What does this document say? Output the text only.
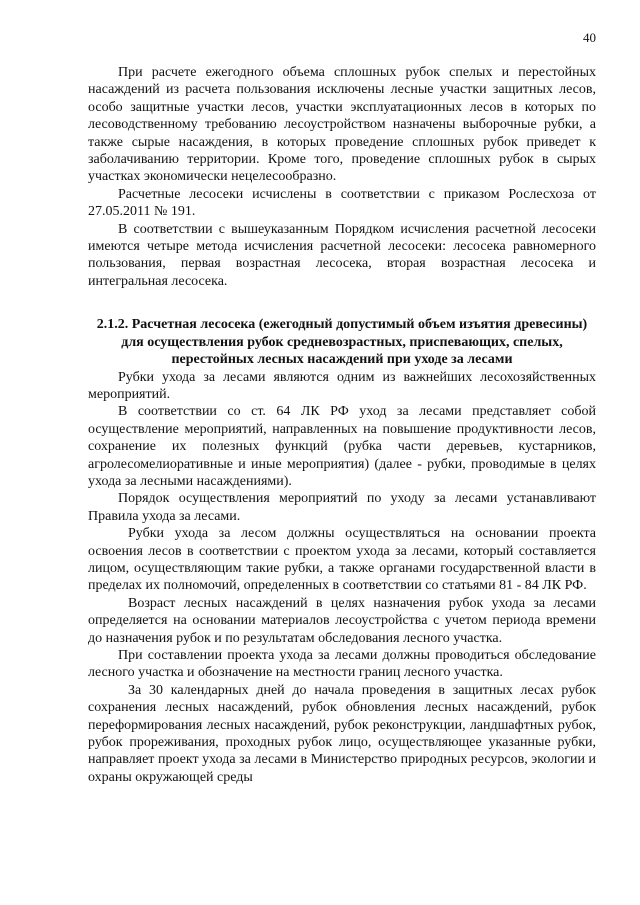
40

При расчете ежегодного объема сплошных рубок спелых и перестойных насаждений из расчета пользования исключены лесные участки защитных лесов, особо защитные участки лесов, участки эксплуатационных лесов в которых по лесоводственному требованию лесоустройством назначены выборочные рубки, а также сырые насаждения, в которых проведение сплошных рубок приведет к заболачиванию территории. Кроме того, проведение сплошных рубок в сырых участках экономически нецелесообразно.

Расчетные лесосеки исчислены в соответствии с приказом Рослесхоза от 27.05.2011 № 191.

В соответствии с вышеуказанным Порядком исчисления расчетной лесосеки имеются четыре метода исчисления расчетной лесосеки: лесосека равномерного пользования, первая возрастная лесосека, вторая возрастная лесосека и интегральная лесосека.

2.1.2. Расчетная лесосека (ежегодный допустимый объем изъятия древесины) для осуществления рубок средневозрастных, приспевающих, спелых, перестойных лесных насаждений при уходе за лесами

Рубки ухода за лесами являются одним из важнейших лесохозяйственных мероприятий.

В соответствии со ст. 64 ЛК РФ уход за лесами представляет собой осуществление мероприятий, направленных на повышение продуктивности лесов, сохранение их полезных функций (рубка части деревьев, кустарников, агролесомелиоративные и иные мероприятия) (далее - рубки, проводимые в целях ухода за лесными насаждениями).

Порядок осуществления мероприятий по уходу за лесами устанавливают Правила ухода за лесами.

Рубки ухода за лесом должны осуществляться на основании проекта освоения лесов в соответствии с проектом ухода за лесами, который составляется лицом, осуществляющим такие рубки, а также органами государственной власти в пределах их полномочий, определенных в соответствии со статьями 81 - 84 ЛК РФ.

Возраст лесных насаждений в целях назначения рубок ухода за лесами определяется на основании материалов лесоустройства с учетом периода времени до назначения рубок и по результатам обследования лесного участка.

При составлении проекта ухода за лесами должны проводиться обследование лесного участка и обозначение на местности границ лесного участка.

За 30 календарных дней до начала проведения в защитных лесах рубок сохранения лесных насаждений, рубок обновления лесных насаждений, рубок переформирования лесных насаждений, рубок реконструкции, ландшафтных рубок, рубок прореживания, проходных рубок лицо, осуществляющее указанные рубки, направляет проект ухода за лесами в Министерство природных ресурсов, экологии и охраны окружающей среды
